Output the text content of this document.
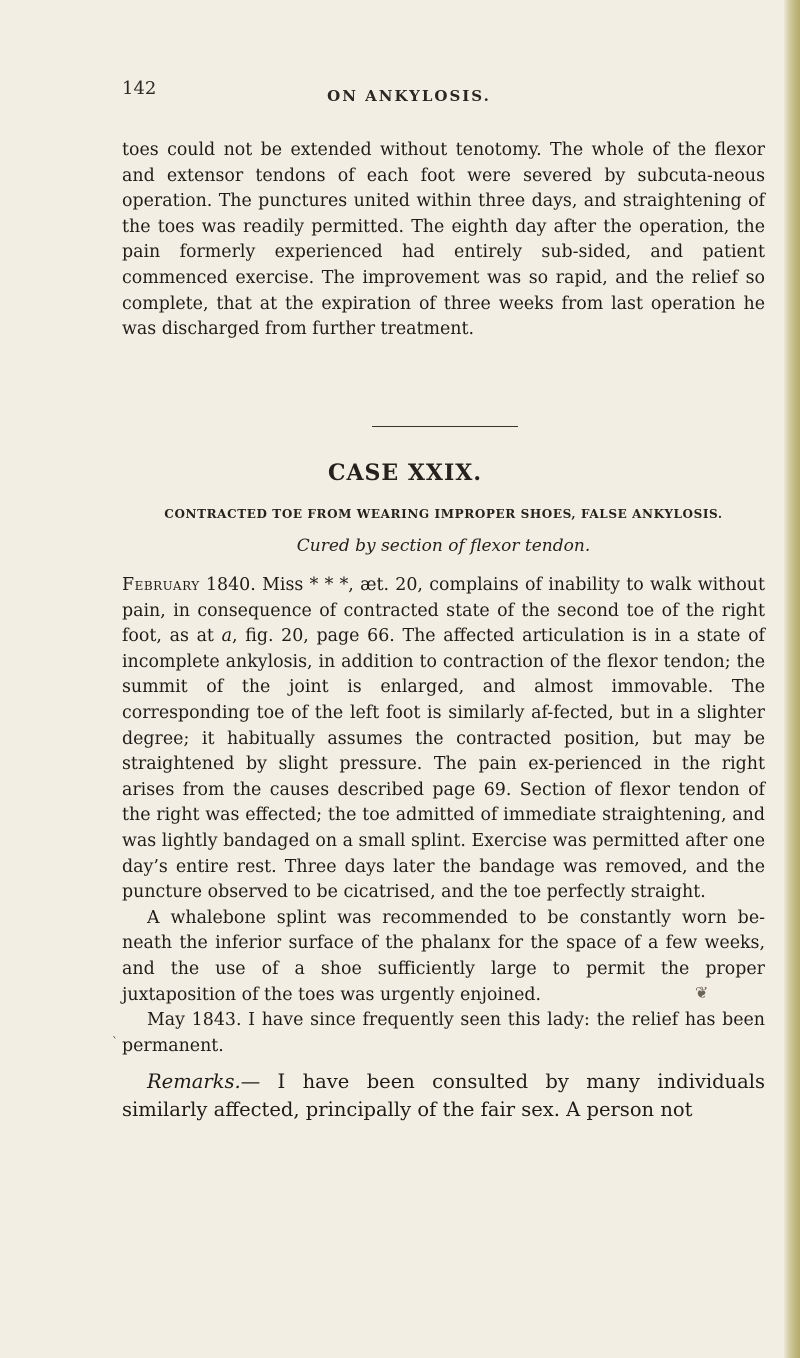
142	ON ANKYLOSIS.

toes could not be extended without tenotomy. The whole of the flexor and extensor tendons of each foot were severed by subcuta-neous operation. The punctures united within three days, and straightening of the toes was readily permitted. The eighth day after the operation, the pain formerly experienced had entirely sub-sided, and patient commenced exercise. The improvement was so rapid, and the relief so complete, that at the expiration of three weeks from last operation he was discharged from further treatment.

CASE XXIX.
CONTRACTED TOE FROM WEARING IMPROPER SHOES, FALSE ANKYLOSIS.
Cured by section of flexor tendon.

February 1840. Miss * * *, æt. 20, complains of inability to walk without pain, in consequence of contracted state of the second toe of the right foot, as at a, fig. 20, page 66. The affected articulation is in a state of incomplete ankylosis, in addition to contraction of the flexor tendon; the summit of the joint is enlarged, and almost immovable. The corresponding toe of the left foot is similarly af-fected, but in a slighter degree; it habitually assumes the contracted position, but may be straightened by slight pressure. The pain ex-perienced in the right arises from the causes described page 69. Section of flexor tendon of the right was effected; the toe admitted of immediate straightening, and was lightly bandaged on a small splint. Exercise was permitted after one day’s entire rest. Three days later the bandage was removed, and the puncture observed to be cicatrised, and the toe perfectly straight.

A whalebone splint was recommended to be constantly worn be-neath the inferior surface of the phalanx for the space of a few weeks, and the use of a shoe sufficiently large to permit the proper juxtaposition of the toes was urgently enjoined.

May 1843. I have since frequently seen this lady: the relief has been permanent.

Remarks.— I have been consulted by many individuals similarly affected, principally of the fair sex. A person not

❦
ˋ
